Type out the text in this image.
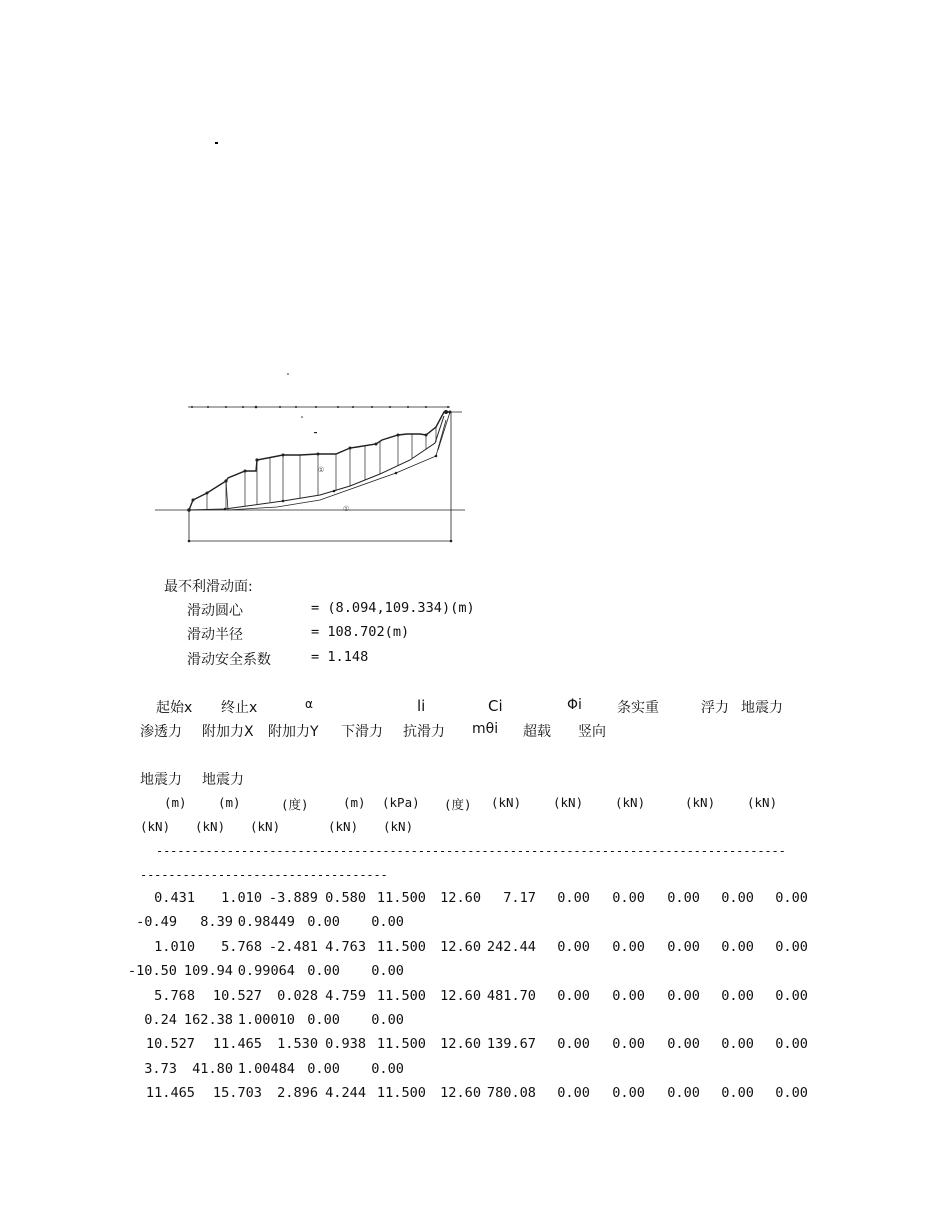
①
①
最不利滑动面:
滑动圆心	= (8.094,109.334)(m)
滑动半径	= 108.702(m)
滑动安全系数	= 1.148
起始x 终止x	α	li	Ci	Φi	条实重	浮力 地震力
渗透力 附加力X 附加力Y 下滑力 抗滑力 mθi 超载 竖向
地震力 地震力
(m)	(m)	(度)	(m) (kPa) (度) (kN)	(kN)	(kN)	(kN)	(kN)
(kN) (kN) (kN)	(kN) (kN)
-----------------------------------------------------------------------------------------
-----------------------------------
0.431 1.010 -3.889 0.580 11.500 12.60 7.17 0.00 0.00 0.00 0.00 0.00
-0.49 8.39 0.98449 0.00 0.00
1.010 5.768 -2.481 4.763 11.500 12.60 242.44 0.00 0.00 0.00 0.00 0.00
-10.50 109.94 0.99064 0.00 0.00
5.768 10.527 0.028 4.759 11.500 12.60 481.70 0.00 0.00 0.00 0.00 0.00
0.24 162.38 1.00010 0.00 0.00
10.527 11.465 1.530 0.938 11.500 12.60 139.67 0.00 0.00 0.00 0.00 0.00
3.73 41.80 1.00484 0.00 0.00
11.465 15.703 2.896 4.244 11.500 12.60 780.08 0.00 0.00 0.00 0.00 0.00
